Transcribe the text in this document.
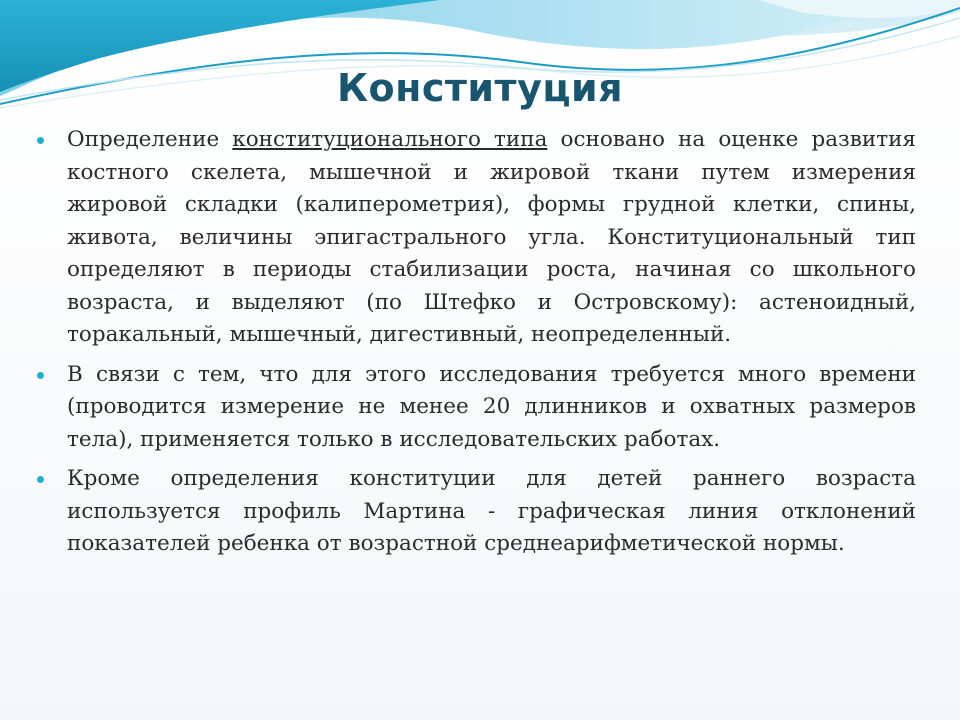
Конституция
Определение конституционального типа основано на оценке развития костного скелета, мышечной и жировой ткани путем измерения жировой складки (калиперометрия), формы грудной клетки, спины, живота, величины эпигастрального угла. Конституциональный тип определяют в периоды стабилизации роста, начиная со школьного возраста, и выделяют (по Штефко и Островскому): астеноидный, торакальный, мышечный, дигестивный, неопределенный.
В связи с тем, что для этого исследования требуется много времени (проводится измерение не менее 20 длинников и охватных размеров тела), применяется только в исследовательских работах.
Кроме определения конституции для детей раннего возраста используется профиль Мартина - графическая линия отклонений показателей ребенка от возрастной среднеарифметической нормы.
